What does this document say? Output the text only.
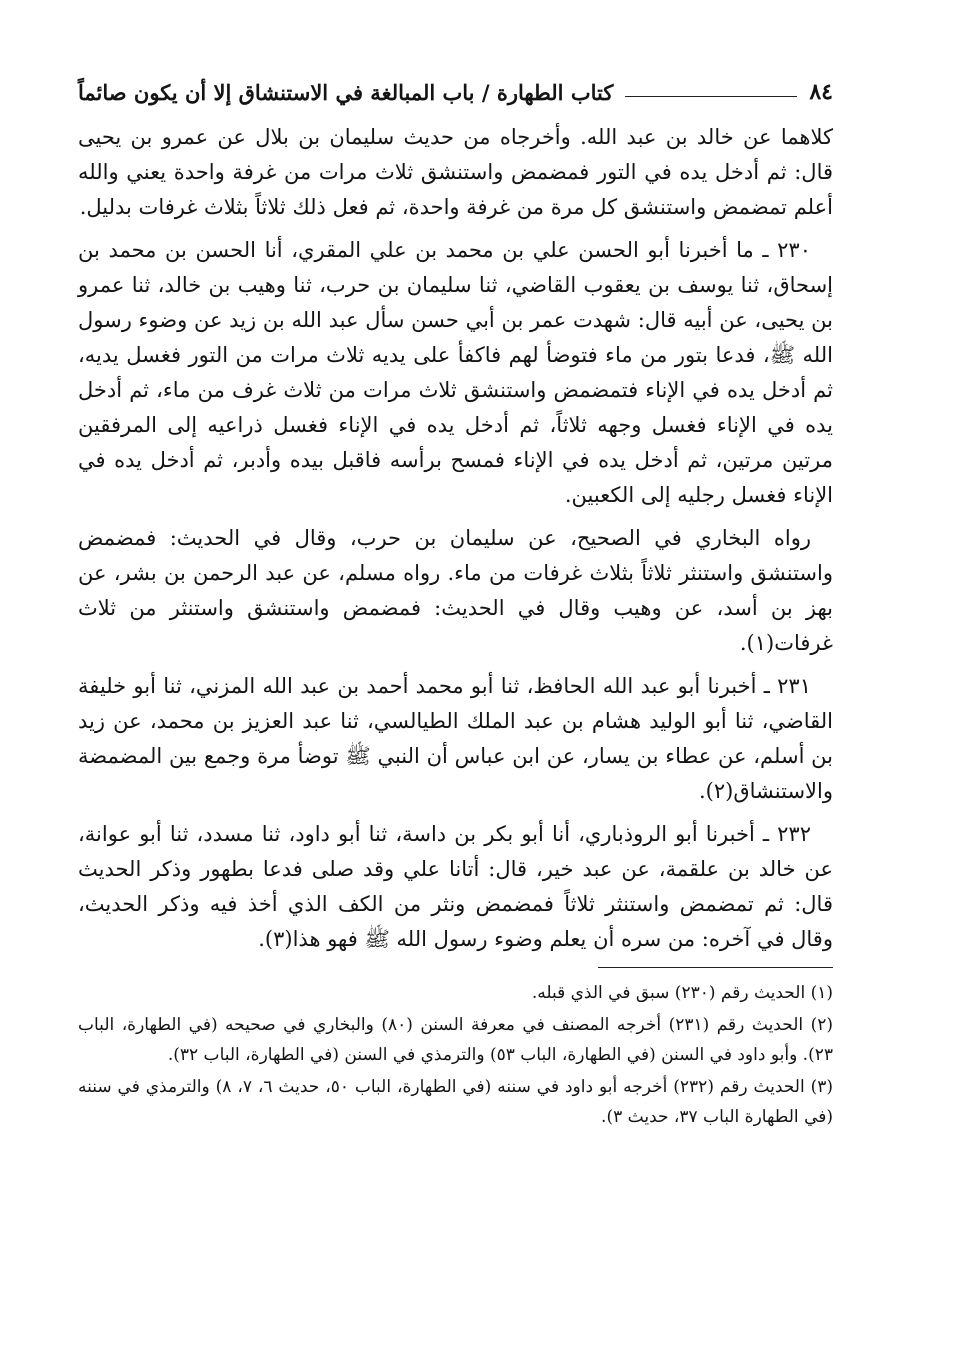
٨٤
كتاب الطهارة / باب المبالغة في الاستنشاق إلا أن يكون صائماً

كلاهما عن خالد بن عبد الله. وأخرجاه من حديث سليمان بن بلال عن عمرو بن يحيى قال: ثم أدخل يده في التور فمضمض واستنشق ثلاث مرات من غرفة واحدة يعني والله أعلم تمضمض واستنشق كل مرة من غرفة واحدة، ثم فعل ذلك ثلاثاً بثلاث غرفات بدليل.

٢٣٠ ـ ما أخبرنا أبو الحسن علي بن محمد بن علي المقري، أنا الحسن بن محمد بن إسحاق، ثنا يوسف بن يعقوب القاضي، ثنا سليمان بن حرب، ثنا وهيب بن خالد، ثنا عمرو بن يحيى، عن أبيه قال: شهدت عمر بن أبي حسن سأل عبد الله بن زيد عن وضوء رسول الله ﷺ، فدعا بتور من ماء فتوضأ لهم فاكفأ على يديه ثلاث مرات من التور فغسل يديه، ثم أدخل يده في الإناء فتمضمض واستنشق ثلاث مرات من ثلاث غرف من ماء، ثم أدخل يده في الإناء فغسل وجهه ثلاثاً، ثم أدخل يده في الإناء فغسل ذراعيه إلى المرفقين مرتين مرتين، ثم أدخل يده في الإناء فمسح برأسه فاقبل بيده وأدبر، ثم أدخل يده في الإناء فغسل رجليه إلى الكعبين.

رواه البخاري في الصحيح، عن سليمان بن حرب، وقال في الحديث: فمضمض واستنشق واستنثر ثلاثاً بثلاث غرفات من ماء. رواه مسلم، عن عبد الرحمن بن بشر، عن بهز بن أسد، عن وهيب وقال في الحديث: فمضمض واستنشق واستنثر من ثلاث غرفات(١).

٢٣١ ـ أخبرنا أبو عبد الله الحافظ، ثنا أبو محمد أحمد بن عبد الله المزني، ثنا أبو خليفة القاضي، ثنا أبو الوليد هشام بن عبد الملك الطيالسي، ثنا عبد العزيز بن محمد، عن زيد بن أسلم، عن عطاء بن يسار، عن ابن عباس أن النبي ﷺ توضأ مرة وجمع بين المضمضة والاستنشاق(٢).

٢٣٢ ـ أخبرنا أبو الروذباري، أنا أبو بكر بن داسة، ثنا أبو داود، ثنا مسدد، ثنا أبو عوانة، عن خالد بن علقمة، عن عبد خير، قال: أتانا علي وقد صلى فدعا بطهور وذكر الحديث قال: ثم تمضمض واستنثر ثلاثاً فمضمض ونثر من الكف الذي أخذ فيه وذكر الحديث، وقال في آخره: من سره أن يعلم وضوء رسول الله ﷺ فهو هذا(٣).

(١) الحديث رقم (٢٣٠) سبق في الذي قبله.

(٢) الحديث رقم (٢٣١) أخرجه المصنف في معرفة السنن (٨٠) والبخاري في صحيحه (في الطهارة، الباب ٢٣). وأبو داود في السنن (في الطهارة، الباب ٥٣) والترمذي في السنن (في الطهارة، الباب ٣٢).

(٣) الحديث رقم (٢٣٢) أخرجه أبو داود في سننه (في الطهارة، الباب ٥٠، حديث ٦، ٧، ٨) والترمذي في سننه (في الطهارة الباب ٣٧، حديث ٣).
